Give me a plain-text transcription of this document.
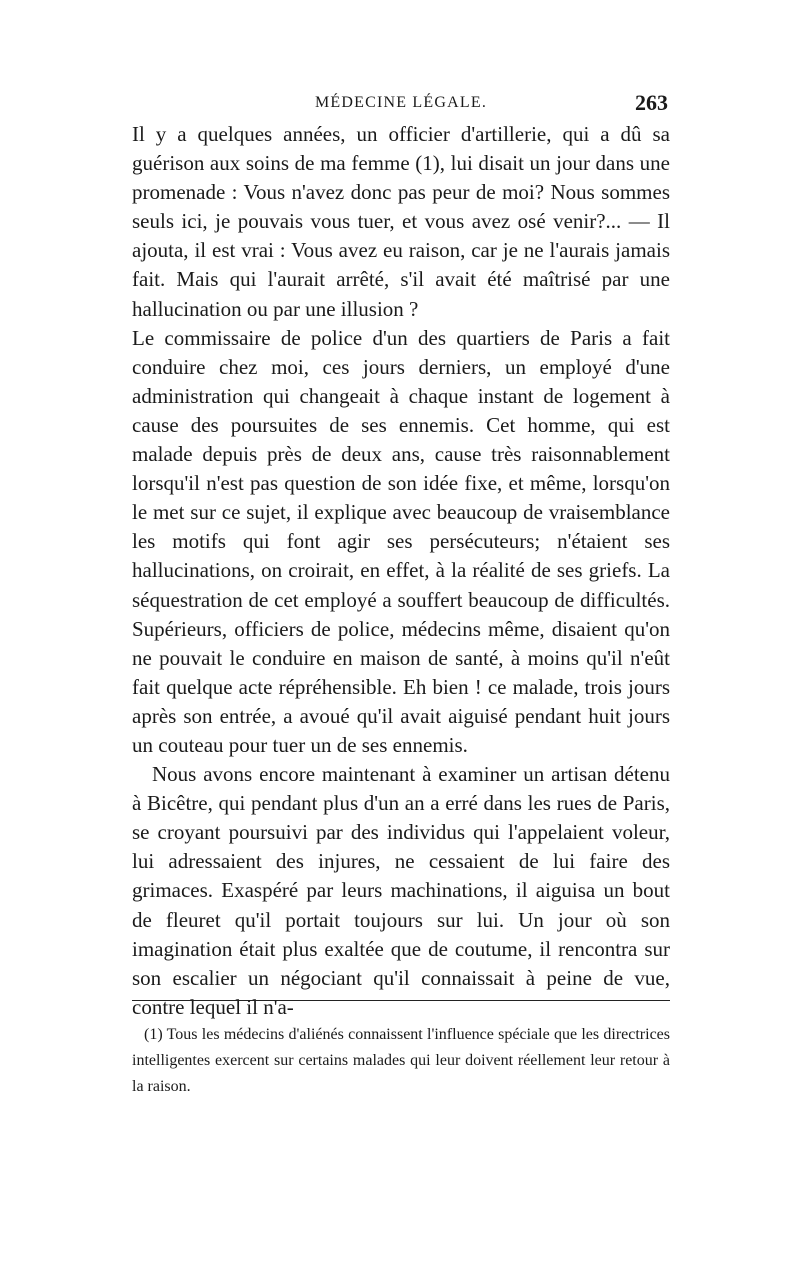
MÉDECINE LÉGALE.	263

Il y a quelques années, un officier d'artillerie, qui a dû sa guérison aux soins de ma femme (1), lui disait un jour dans une promenade : Vous n'avez donc pas peur de moi? Nous sommes seuls ici, je pouvais vous tuer, et vous avez osé venir?... — Il ajouta, il est vrai : Vous avez eu raison, car je ne l'aurais jamais fait. Mais qui l'aurait arrêté, s'il avait été maîtrisé par une hallucination ou par une illusion ?

Le commissaire de police d'un des quartiers de Paris a fait conduire chez moi, ces jours derniers, un employé d'une administration qui changeait à chaque instant de logement à cause des poursuites de ses ennemis. Cet homme, qui est malade depuis près de deux ans, cause très raisonnablement lorsqu'il n'est pas question de son idée fixe, et même, lorsqu'on le met sur ce sujet, il explique avec beaucoup de vraisemblance les motifs qui font agir ses persécuteurs; n'étaient ses hallucinations, on croirait, en effet, à la réalité de ses griefs. La séquestration de cet employé a souffert beaucoup de difficultés. Supérieurs, officiers de police, médecins même, disaient qu'on ne pouvait le conduire en maison de santé, à moins qu'il n'eût fait quelque acte répréhensible. Eh bien ! ce malade, trois jours après son entrée, a avoué qu'il avait aiguisé pendant huit jours un couteau pour tuer un de ses ennemis.

Nous avons encore maintenant à examiner un artisan détenu à Bicêtre, qui pendant plus d'un an a erré dans les rues de Paris, se croyant poursuivi par des individus qui l'appelaient voleur, lui adressaient des injures, ne cessaient de lui faire des grimaces. Exaspéré par leurs machinations, il aiguisa un bout de fleuret qu'il portait toujours sur lui. Un jour où son imagination était plus exaltée que de coutume, il rencontra sur son escalier un négociant qu'il connaissait à peine de vue, contre lequel il n'a-

(1) Tous les médecins d'aliénés connaissent l'influence spéciale que les directrices intelligentes exercent sur certains malades qui leur doivent réellement leur retour à la raison.
